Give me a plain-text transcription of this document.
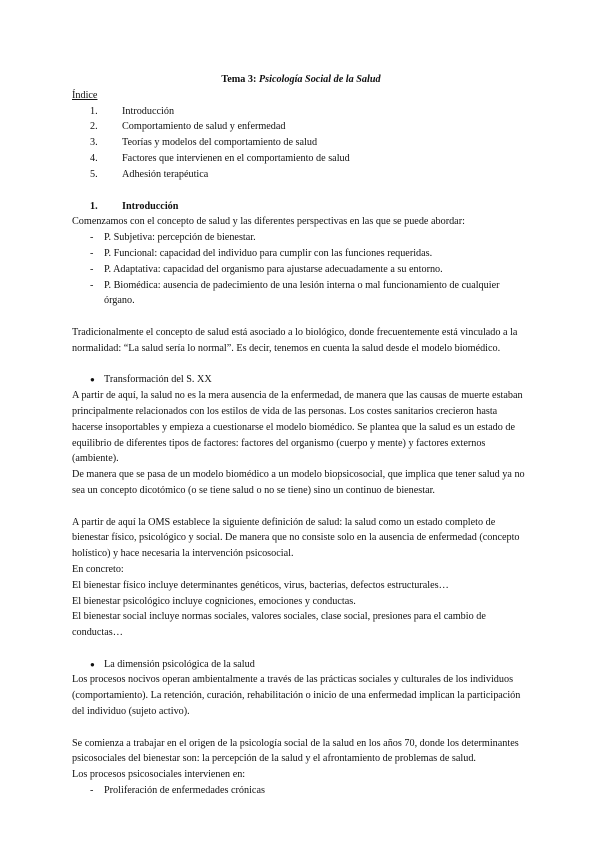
Tema 3: Psicología Social de la Salud
Índice
1.	Introducción
2.	Comportamiento de salud y enfermedad
3.	Teorías y modelos del comportamiento de salud
4.	Factores que intervienen en el comportamiento de salud
5.	Adhesión terapéutica
1. Introducción

Comenzamos con el concepto de salud y las diferentes perspectivas en las que se puede abordar:

- P. Subjetiva: percepción de bienestar.
- P. Funcional: capacidad del individuo para cumplir con las funciones requeridas.
- P. Adaptativa: capacidad del organismo para ajustarse adecuadamente a su entorno.
- P. Biomédica: ausencia de padecimiento de una lesión interna o mal funcionamiento de cualquier órgano.

Tradicionalmente el concepto de salud está asociado a lo biológico, donde frecuentemente está vinculado a la normalidad: “La salud sería lo normal”. Es decir, tenemos en cuenta la salud desde el modelo biomédico.

● Transformación del S. XX

A partir de aquí, la salud no es la mera ausencia de la enfermedad, de manera que las causas de muerte estaban principalmente relacionados con los estilos de vida de las personas. Los costes sanitarios crecieron hasta hacerse insoportables y empieza a cuestionarse el modelo biomédico. Se plantea que la salud es un estado de equilibrio de diferentes tipos de factores: factores del organismo (cuerpo y mente) y factores externos (ambiente).

De manera que se pasa de un modelo biomédico a un modelo biopsicosocial, que implica que tener salud ya no sea un concepto dicotómico (o se tiene salud o no se tiene) sino un continuo de bienestar.

A partir de aquí la OMS establece la siguiente definición de salud: la salud como un estado completo de bienestar físico, psicológico y social. De manera que no consiste solo en la ausencia de enfermedad (concepto holístico) y hace necesaria la intervención psicosocial.

En concreto:

El bienestar físico incluye determinantes genéticos, virus, bacterias, defectos estructurales…

El bienestar psicológico incluye cogniciones, emociones y conductas.

El bienestar social incluye normas sociales, valores sociales, clase social, presiones para el cambio de conductas…

● La dimensión psicológica de la salud

Los procesos nocivos operan ambientalmente a través de las prácticas sociales y culturales de los individuos (comportamiento). La retención, curación, rehabilitación o inicio de una enfermedad implican la participación del individuo (sujeto activo).

Se comienza a trabajar en el origen de la psicología social de la salud en los años 70, donde los determinantes psicosociales del bienestar son: la percepción de la salud y el afrontamiento de problemas de salud.

Los procesos psicosociales intervienen en:

- Proliferación de enfermedades crónicas
